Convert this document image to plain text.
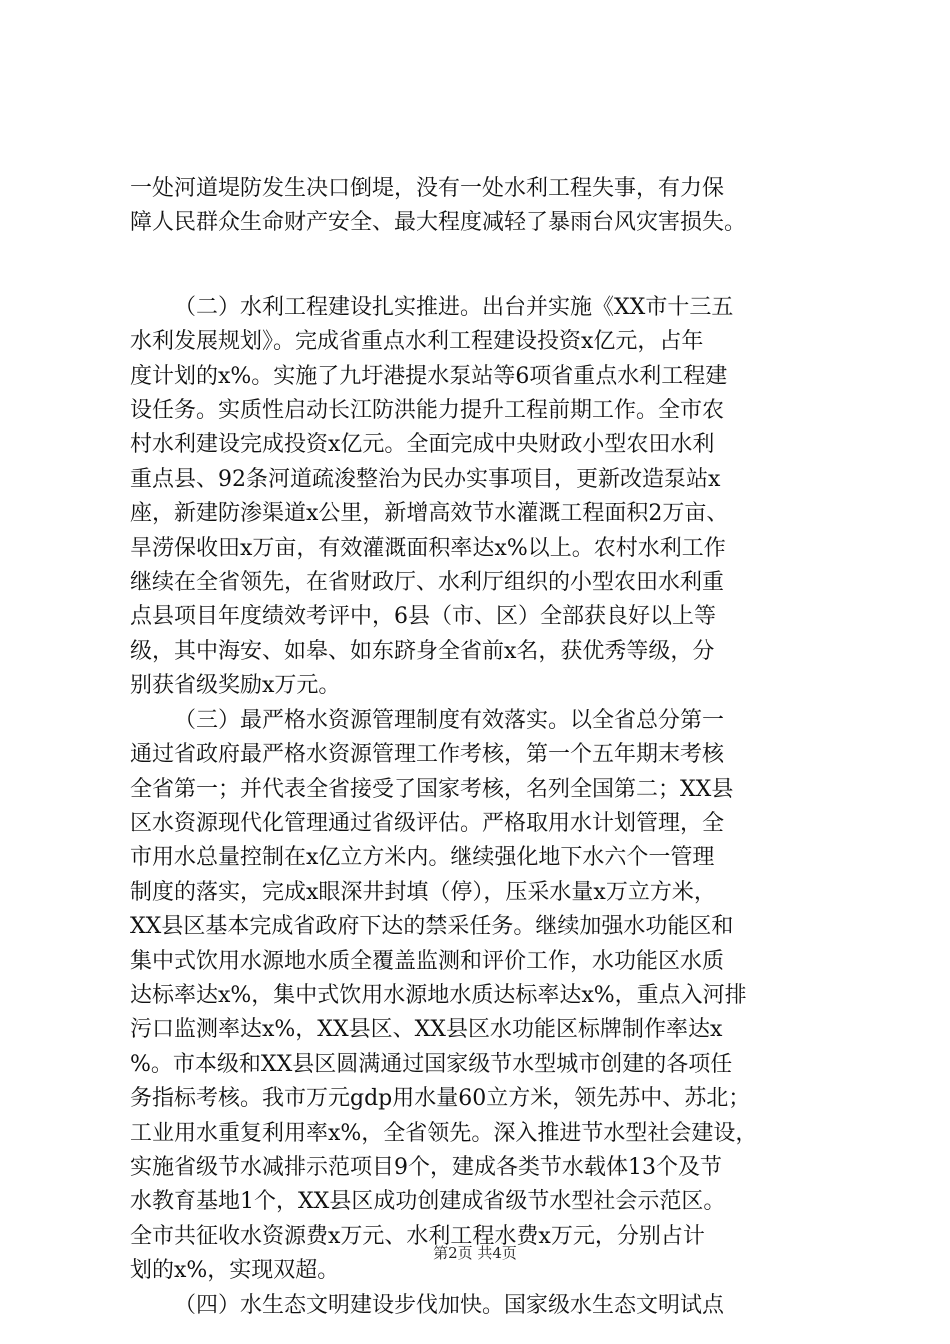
一处河道堤防发生决口倒堤，没有一处水利工程失事，有力保

障人民群众生命财产安全、最大程度减轻了暴雨台风灾害损失。

（二）水利工程建设扎实推进。出台并实施《XX市十三五

水利发展规划》。完成省重点水利工程建设投资x亿元，占年

度计划的x%。实施了九圩港提水泵站等6项省重点水利工程建

设任务。实质性启动长江防洪能力提升工程前期工作。全市农

村水利建设完成投资x亿元。全面完成中央财政小型农田水利

重点县、92条河道疏浚整治为民办实事项目，更新改造泵站x

座，新建防渗渠道x公里，新增高效节水灌溉工程面积2万亩、

旱涝保收田x万亩，有效灌溉面积率达x%以上。农村水利工作

继续在全省领先，在省财政厅、水利厅组织的小型农田水利重

点县项目年度绩效考评中，6县（市、区）全部获良好以上等

级，其中海安、如皋、如东跻身全省前x名，获优秀等级，分

别获省级奖励x万元。

（三）最严格水资源管理制度有效落实。以全省总分第一

通过省政府最严格水资源管理工作考核，第一个五年期末考核

全省第一；并代表全省接受了国家考核，名列全国第二；XX县

区水资源现代化管理通过省级评估。严格取用水计划管理，全

市用水总量控制在x亿立方米内。继续强化地下水六个一管理

制度的落实，完成x眼深井封填（停），压采水量x万立方米，

XX县区基本完成省政府下达的禁采任务。继续加强水功能区和

集中式饮用水源地水质全覆盖监测和评价工作，水功能区水质

达标率达x%，集中式饮用水源地水质达标率达x%，重点入河排

污口监测率达x%，XX县区、XX县区水功能区标牌制作率达x

%。市本级和XX县区圆满通过国家级节水型城市创建的各项任

务指标考核。我市万元gdp用水量60立方米，领先苏中、苏北；

工业用水重复利用率x%，全省领先。深入推进节水型社会建设，

实施省级节水减排示范项目9个，建成各类节水载体13个及节

水教育基地1个，XX县区成功创建成省级节水型社会示范区。

全市共征收水资源费x万元、水利工程水费x万元，分别占计

划的x%，实现双超。

（四）水生态文明建设步伐加快。国家级水生态文明试点

第2页 共4页
